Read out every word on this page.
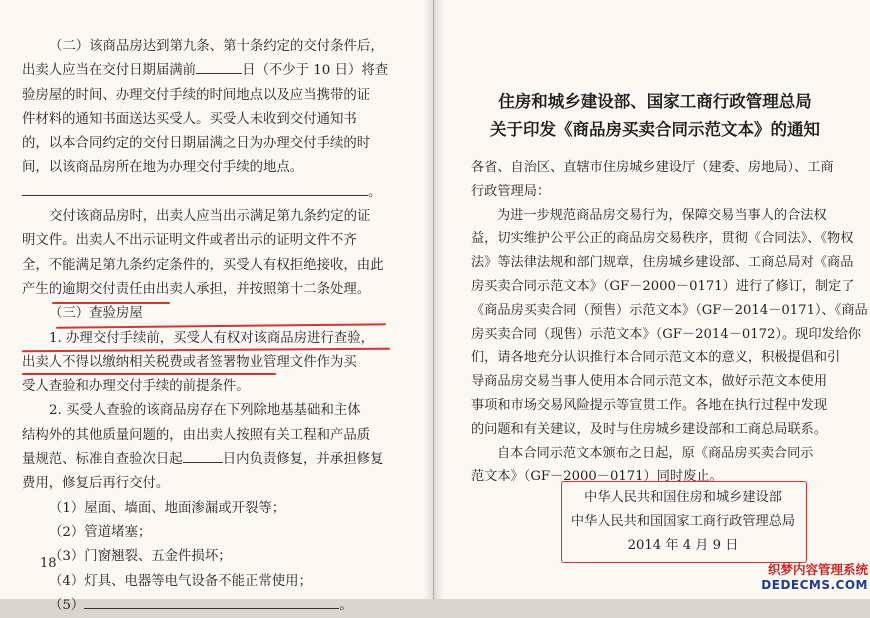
（二）该商品房达到第九条、第十条约定的交付条件后，
出卖人应当在交付日期届满前	日（不少于 10 日）将查
验房屋的时间、办理交付手续的时间地点以及应当携带的证
件材料的通知书面送达买受人。买受人未收到交付通知书
的，以本合同约定的交付日期届满之日为办理交付手续的时
间，以该商品房所在地为办理交付手续的地点。
。
交付该商品房时，出卖人应当出示满足第九条约定的证
明文件。出卖人不出示证明文件或者出示的证明文件不齐
全，不能满足第九条约定条件的，买受人有权拒绝接收，由此
产生的逾期交付责任由出卖人承担，并按照第十二条处理。
（三）查验房屋
1. 办理交付手续前，买受人有权对该商品房进行查验，
出卖人不得以缴纳相关税费或者签署物业管理文件作为买
受人查验和办理交付手续的前提条件。
2. 买受人查验的该商品房存在下列除地基基础和主体
结构外的其他质量问题的，由出卖人按照有关工程和产品质
量规范、标准自查验次日起	日内负责修复，并承担修复
费用，修复后再行交付。
（1）屋面、墙面、地面渗漏或开裂等；
（2）管道堵塞；
（3）门窗翘裂、五金件损坏；
（4）灯具、电器等电气设备不能正常使用；
（5）	。
18
住房和城乡建设部、国家工商行政管理总局
关于印发《商品房买卖合同示范文本》的通知
各省、自治区、直辖市住房城乡建设厅（建委、房地局）、工商
行政管理局：
为进一步规范商品房交易行为，保障交易当事人的合法权
益，切实维护公平公正的商品房交易秩序，贯彻《合同法》、《物权
法》等法律法规和部门规章，住房城乡建设部、工商总局对《商品
房买卖合同示范文本》（GF－2000－0171）进行了修订，制定了
《商品房买卖合同（预售）示范文本》（GF－2014－0171）、《商品
房买卖合同（现售）示范文本》（GF－2014－0172）。现印发给你
们，请各地充分认识推行本合同示范文本的意义，积极提倡和引
导商品房交易当事人使用本合同示范文本，做好示范文本使用
事项和市场交易风险提示等宣贯工作。各地在执行过程中发现
的问题和有关建议，及时与住房城乡建设部和工商总局联系。
自本合同示范文本颁布之日起，原《商品房买卖合同示
范文本》（GF－2000－0171）同时废止。
中华人民共和国住房和城乡建设部
中华人民共和国国家工商行政管理总局
2014 年 4 月 9 日
织梦内容管理系统
DEDECMS.COM
